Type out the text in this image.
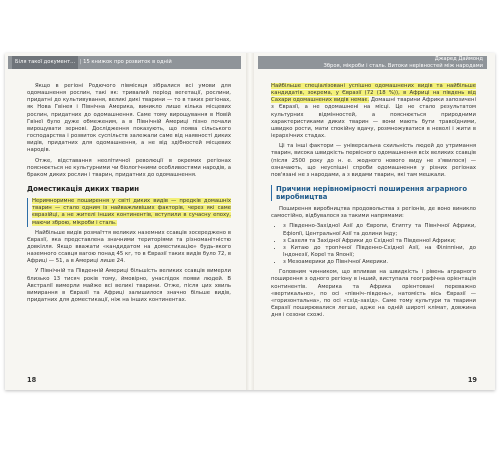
Біля такої документ... | 15 книжок про розвиток в одній

Якщо в регіоні Родючого півмісяця зібралися всі умови для одомашнення рослин, такі як: тривалий період вегетації, рослини, придатні до культивування, великі дикі тварини — то в таких регіонах, як Нова Гвінея і Північна Америка, виникло лише кілька місцевих рослин, придатних до одомашнення. Саме тому вирощування в Новій Гвінеї було дуже обмеженим, а в Північній Америці пізно почали вирощувати зернові. Дослідження показують, що поява сільського господарства і розвиток суспільств залежали саме від наявності диких видів, придатних для одомашнення, а не від здібностей місцевих народів.

Отже, відставання неолітичної революції в окремих регіонах пояснюється не культурними чи біологічними особливостями народів, а браком диких рослин і тварин, придатних до одомашнення.

Доместикація диких тварин

Неримноримне поширення у світі диких видів — предків домашніх тварин — стало одним із найважливіших факторів, через які саме євразійці, а не жителі інших континентів, вступили в сучасну епоху, маючи зброю, мікроби і сталь.

Найбільше видів розмаїття великих наземних ссавців зосереджено в Євразії, яка представлена значними територіями та різноманітністю довкілля. Якщо вважати «кандидатом на доместикацію» будь-якого наземного ссавця вагою понад 45 кг, то в Євразії таких видів було 72, в Африці — 51, а в Америці лише 24.

У Північній та Південній Америці більшість великих ссавців вимерли близько 13 тисяч років тому, ймовірно, унаслідок появи людей. В Австралії вимерли майже всі великі тварини. Отже, після цих хвиль вимирання в Євразії та Африці залишилося значно більше видів, придатних для доместикації, ніж на інших континентах.

18
Джаред Даймонд
Зброя, мікроби і сталь. Витоки нерівностей між народами

Найбільше спеціалізовані успішно одомашнених видів та найбільше кандидатів, зокрема, у Євразії (72 (18 %)), в Африці на південь від Сахари одомашнених видів немає. Домашні тварини Африки запозичені з Євразії, а не одомашнені на місці. Це не стало результатом культурних відмінностей, а пояснюється природними характеристиками диких тварин — вони мають бути травоїдними, швидко рости, мати спокійну вдачу, розмножуватися в неволі і жити в ієрархічних стадах.

Ці та інші фактори — універсальна схильність людей до утримання тварин, висока швидкість первісного одомашнення всіх великих ссавців (після 2500 року до н. е. жодного нового виду не з'явилося) — означають, що неуспішні спроби одомашнення у різних регіонах пов'язані не з народами, а з видами тварин, які там мешкали.

Причини нерівномірності поширення аграрного виробництва

Поширення виробництва продовольства з регіонів, де воно виникло самостійно, відбувалося за такими напрямами:

• з Південно-Західної Азії до Європи, Єгипту та Північної Африки, Ефіопії, Центральної Азії та долини Інду;
• з Сахеля та Західної Африки до Східної та Південної Африки;
• з Китаю до тропічної Південно-Східної Азії, на Філіппіни, до Індонезії, Кореї та Японії;
• з Мезоамерики до Північної Америки.

Головним чинником, що впливав на швидкість і рівень аграрного поширення з одного регіону в інший, виступала географічна орієнтація континентів. Америка та Африка орієнтовані переважно «вертикально», по осі «північ–південь», натомість вісь Євразії — «горизонтальна», по осі «схід–захід». Саме тому культури та тварини Євразії поширювалися легше, адже на одній широті клімат, довжина дня і сезони схожі.

19
